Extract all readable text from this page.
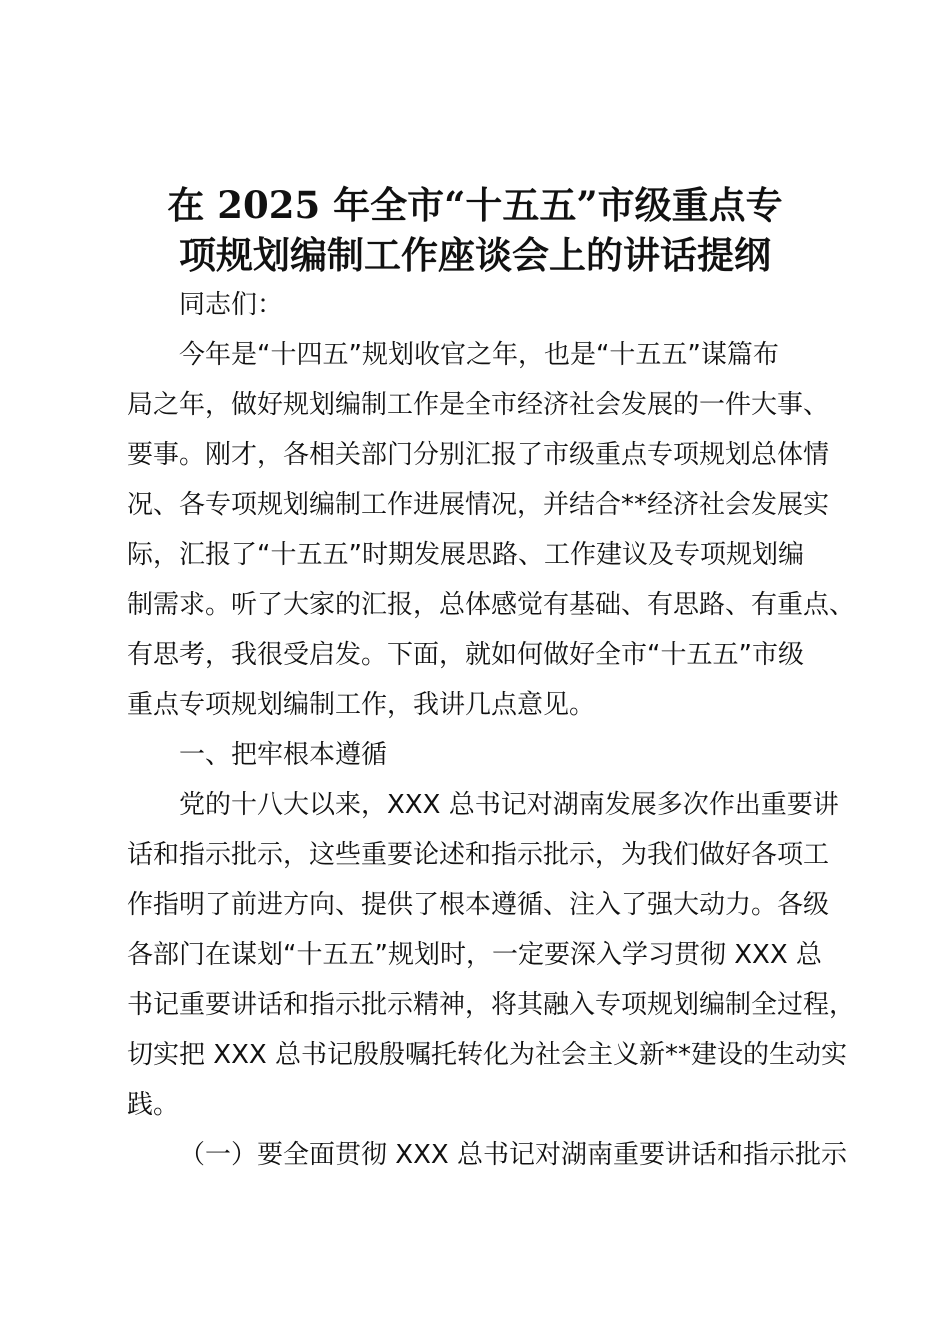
在 2025 年全市“十五五”市级重点专
项规划编制工作座谈会上的讲话提纲

同志们：

今年是“十四五”规划收官之年，也是“十五五”谋篇布
局之年，做好规划编制工作是全市经济社会发展的一件大事、
要事。刚才，各相关部门分别汇报了市级重点专项规划总体情
况、各专项规划编制工作进展情况，并结合**经济社会发展实
际，汇报了“十五五”时期发展思路、工作建议及专项规划编
制需求。听了大家的汇报，总体感觉有基础、有思路、有重点、
有思考，我很受启发。下面，就如何做好全市“十五五”市级
重点专项规划编制工作，我讲几点意见。

一、把牢根本遵循

党的十八大以来，XXX 总书记对湖南发展多次作出重要讲
话和指示批示，这些重要论述和指示批示，为我们做好各项工
作指明了前进方向、提供了根本遵循、注入了强大动力。各级
各部门在谋划“十五五”规划时，一定要深入学习贯彻 XXX 总
书记重要讲话和指示批示精神，将其融入专项规划编制全过程，
切实把 XXX 总书记殷殷嘱托转化为社会主义新**建设的生动实
践。

（一）要全面贯彻 XXX 总书记对湖南重要讲话和指示批示
